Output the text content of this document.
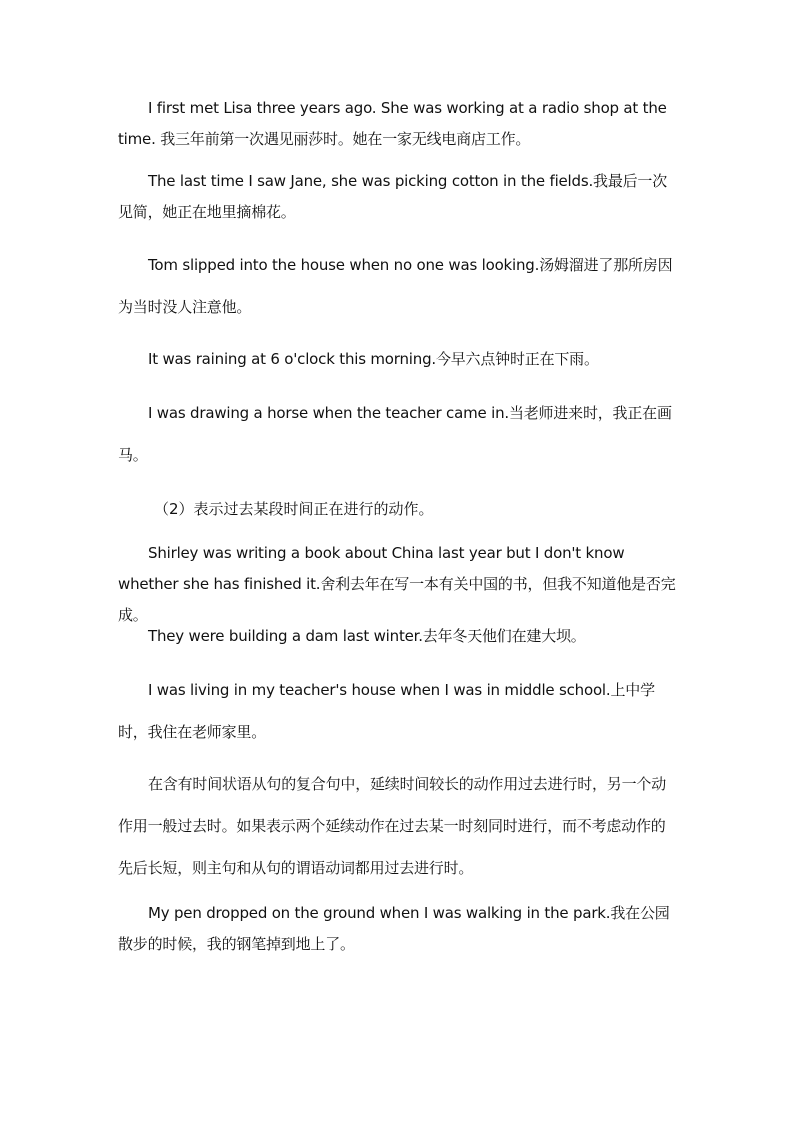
I first met Lisa three years ago. She was working at a radio shop at the time. 我三年前第一次遇见丽莎时。她在一家无线电商店工作。

The last time I saw Jane, she was picking cotton in the fields.我最后一次见简，她正在地里摘棉花。

Tom slipped into the house when no one was looking.汤姆溜进了那所房因为当时没人注意他。

It was raining at 6 o'clock this morning.今早六点钟时正在下雨。

I was drawing a horse when the teacher came in.当老师进来时，我正在画马。

（2）表示过去某段时间正在进行的动作。

Shirley was writing a book about China last year but I don't know whether she has finished it.舍利去年在写一本有关中国的书，但我不知道他是否完成。

They were building a dam last winter.去年冬天他们在建大坝。

I was living in my teacher's house when I was in middle school.上中学时，我住在老师家里。

在含有时间状语从句的复合句中，延续时间较长的动作用过去进行时，另一个动作用一般过去时。如果表示两个延续动作在过去某一时刻同时进行，而不考虑动作的先后长短，则主句和从句的谓语动词都用过去进行时。

My pen dropped on the ground when I was walking in the park.我在公园散步的时候，我的钢笔掉到地上了。
